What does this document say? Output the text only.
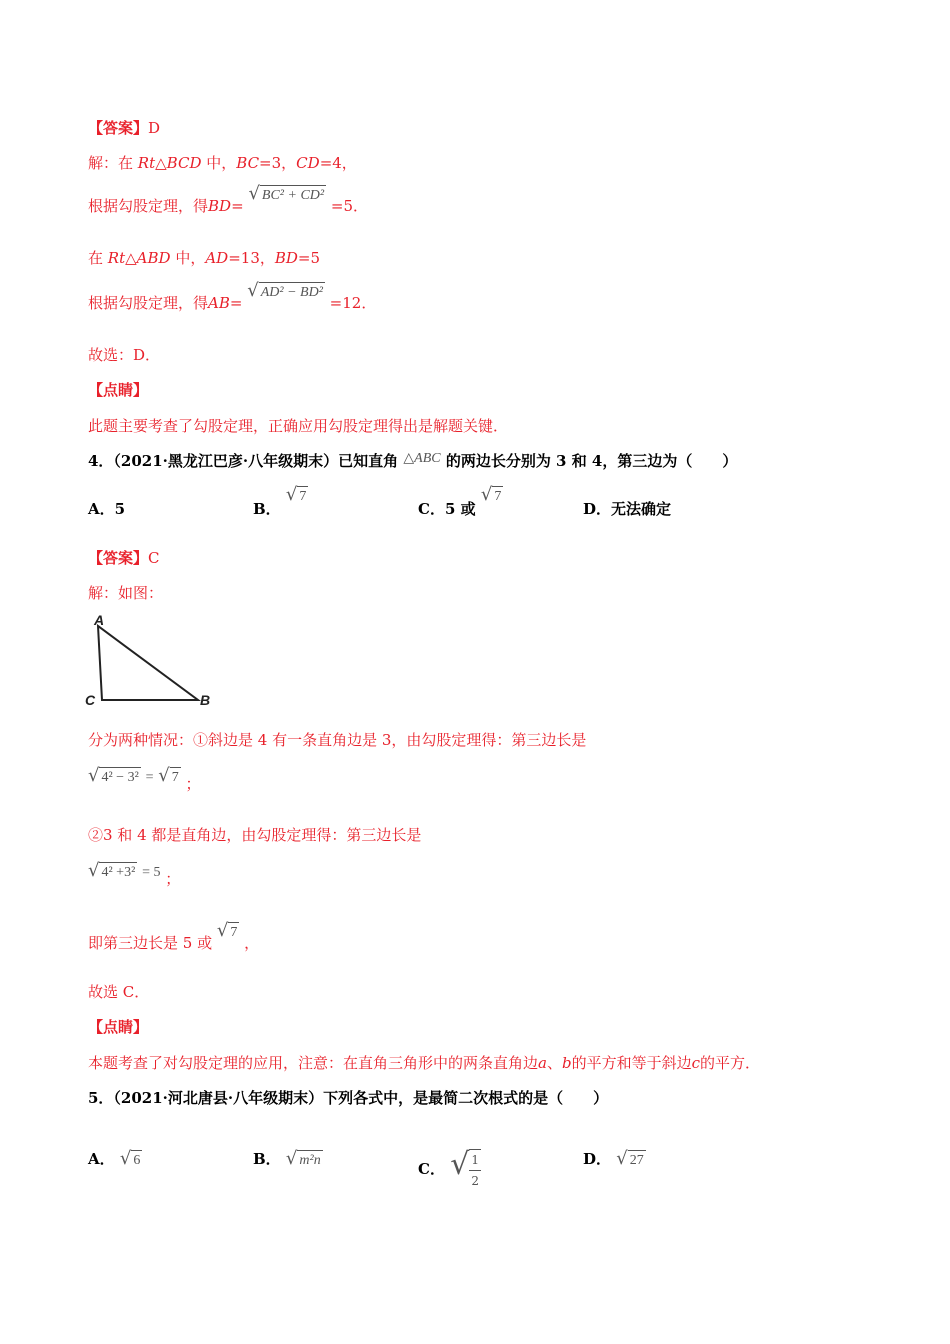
【答案】D
解：在 Rt△BCD 中，BC=3，CD=4，
根据勾股定理，得BD= √ BC² + CD² =5．
在 Rt△ABD 中，AD=13，BD=5
根据勾股定理，得AB= √ AD² − BD² =12．
故选：D．
【点睛】
此题主要考查了勾股定理，正确应用勾股定理得出是解题关键．
4．（2021·黑龙江巴彦·八年级期末）已知直角 △ABC 的两边长分别为 3 和 4，第三边为（　　）
A．5	B． √ 7
C．5 或 √ 7
D．无法确定
【答案】C
解：如图：
A
C	B
分为两种情况：①斜边是 4 有一条直角边是 3，由勾股定理得：第三边长是
√ 4² − 3² = √ 7 ；
②3 和 4 都是直角边，由勾股定理得：第三边长是
√ 4² +3² = 5 ；
即第三边长是 5 或 √ 7 ，
故选 C．
【点睛】
本题考查了对勾股定理的应用，注意：在直角三角形中的两条直角边a、b的平方和等于斜边c的平方．
5．（2021·河北唐县·八年级期末）下列各式中，是最简二次根式的是（　　）
A． √ 6	B． √ m²n	C． √ $\frac{1}{2}$	D． √ 27
